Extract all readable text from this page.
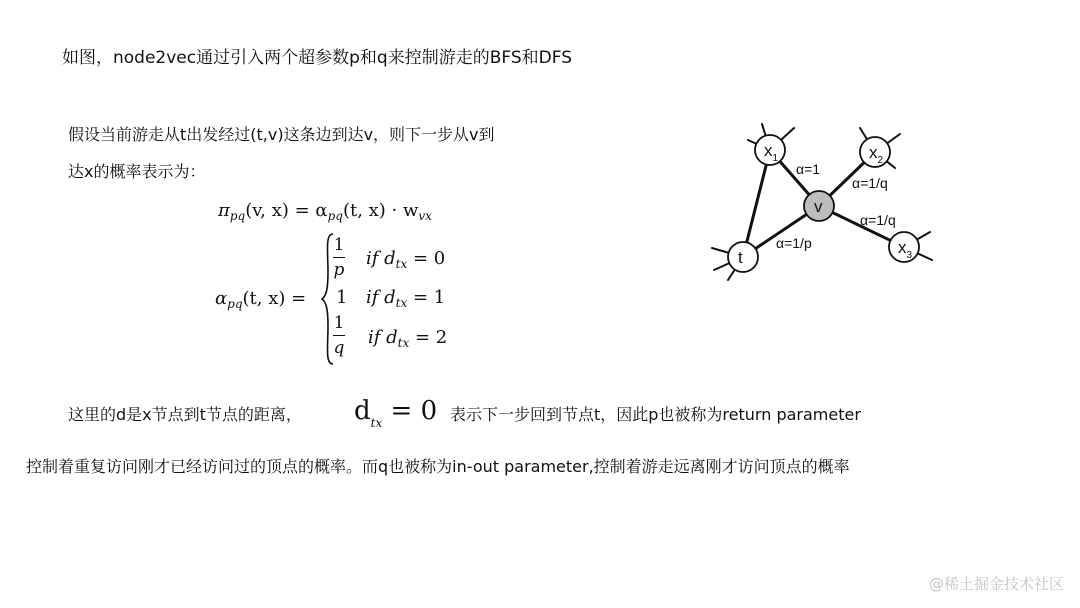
如图，node2vec通过引入两个超参数p和q来控制游走的BFS和DFS
假设当前游走从t出发经过(t,v)这条边到达v，则下一步从v到
达x的概率表示为：
$\pi_{pq}(v$, $x) = \alpha_{pq}(t$, $x) \cdot w_{vx}$
$\alpha_{pq}(t$, x) =
1
p
if $d_{tx} = 0$
1 if $d_{tx} = 1$
1
q
if $d_{tx} = 2$
这里的d是x节点到t节点的距离， $d_{tx} = 0$ 表示下一步回到节点t，因此p也被称为return parameter
控制着重复访问刚才已经访问过的顶点的概率。而q也被称为in-out parameter,控制着游走远离刚才访问顶点的概率
$x_1$	$x_2$
$x_3$
t
v
α=1
α=1/q
α=1/q
α=1/p
@稀土掘金技术社区
